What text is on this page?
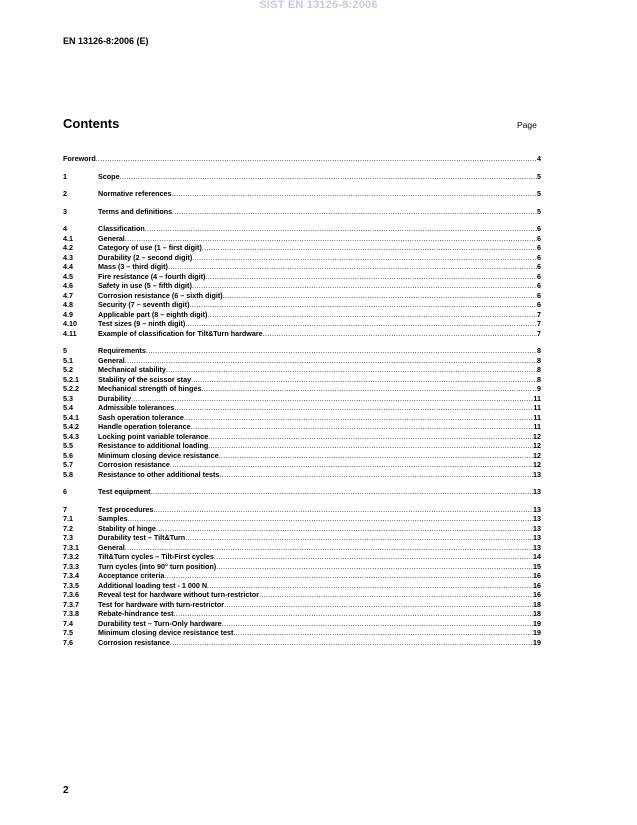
SIST EN 13126-8:2006
EN 13126-8:2006 (E)
Contents	Page
Foreword .....	4
1	Scope .....	5
2	Normative references .....	5
3	Terms and definitions .....	5
4	Classification .....	6
4.1	General .....	6
4.2	Category of use (1 – first digit) .....	6
4.3	Durability (2 – second digit) .....	6
4.4	Mass (3 – third digit) .....	6
4.5	Fire resistance (4 – fourth digit) .....	6
4.6	Safety in use (5 – fifth digit) .....	6
4.7	Corrosion resistance (6 – sixth digit) .....	6
4.8	Security (7 – seventh digit) .....	6
4.9	Applicable part (8 – eighth digit) .....	7
4.10	Test sizes (9 – ninth digit) .....	7
4.11	Example of classification for Tilt&Turn hardware .....	7
5	Requirements .....	8
5.1	General .....	8
5.2	Mechanical stability .....	8
5.2.1	Stability of the scissor stay .....	8
5.2.2	Mechanical strength of hinges .....	9
5.3	Durability .....	11
5.4	Admissible tolerances .....	11
5.4.1	Sash operation tolerance .....	11
5.4.2	Handle operation tolerance .....	11
5.4.3	Locking point variable tolerance .....	12
5.5	Resistance to additional loading .....	12
5.6	Minimum closing device resistance .....	12
5.7	Corrosion resistance .....	12
5.8	Resistance to other additional tests .....	13
6	Test equipment .....	13
7	Test procedures .....	13
7.1	Samples .....	13
7.2	Stability of hinge .....	13
7.3	Durability test – Tilt&Turn .....	13
7.3.1	General .....	13
7.3.2	Tilt&Turn cycles – Tilt-First cycles .....	14
7.3.3	Turn cycles (into 90° turn position) .....	15
7.3.4	Acceptance criteria .....	16
7.3.5	Additional loading test - 1 000 N .....	16
7.3.6	Reveal test for hardware without turn-restrictor .....	16
7.3.7	Test for hardware with turn-restrictor .....	18
7.3.8	Rebate-hindrance test .....	18
7.4	Durability test – Turn-Only hardware .....	19
7.5	Minimum closing device resistance test .....	19
7.6	Corrosion resistance .....	19
2
